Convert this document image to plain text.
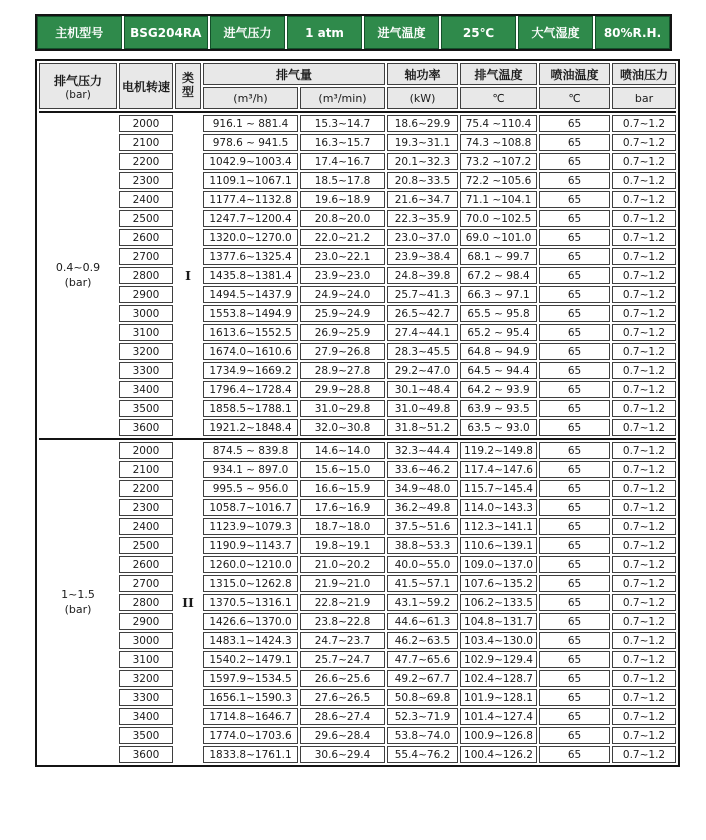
主机型号	BSG204RA	进气压力	1 atm	进气温度	25℃	大气湿度	80%R.H.
排气压力
(bar)	电机转速	类型	排气量		轴功率	排气温度	喷油温度	喷油压力
			(m³/h)	(m³/min)	(kW)	℃	℃	bar

0.4~0.9
(bar)	2000	I	916.1 ~ 881.4	15.3~14.7	18.6~29.9	75.4 ~110.4	65	0.7~1.2
	2100		978.6 ~ 941.5	16.3~15.7	19.3~31.1	74.3 ~108.8	65	0.7~1.2
	2200		1042.9~1003.4	17.4~16.7	20.1~32.3	73.2 ~107.2	65	0.7~1.2
	2300		1109.1~1067.1	18.5~17.8	20.8~33.5	72.2 ~105.6	65	0.7~1.2
	2400		1177.4~1132.8	19.6~18.9	21.6~34.7	71.1 ~104.1	65	0.7~1.2
	2500		1247.7~1200.4	20.8~20.0	22.3~35.9	70.0 ~102.5	65	0.7~1.2
	2600		1320.0~1270.0	22.0~21.2	23.0~37.0	69.0 ~101.0	65	0.7~1.2
	2700		1377.6~1325.4	23.0~22.1	23.9~38.4	68.1 ~ 99.7	65	0.7~1.2
	2800		1435.8~1381.4	23.9~23.0	24.8~39.8	67.2 ~ 98.4	65	0.7~1.2
	2900		1494.5~1437.9	24.9~24.0	25.7~41.3	66.3 ~ 97.1	65	0.7~1.2
	3000		1553.8~1494.9	25.9~24.9	26.5~42.7	65.5 ~ 95.8	65	0.7~1.2
	3100		1613.6~1552.5	26.9~25.9	27.4~44.1	65.2 ~ 95.4	65	0.7~1.2
	3200		1674.0~1610.6	27.9~26.8	28.3~45.5	64.8 ~ 94.9	65	0.7~1.2
	3300		1734.9~1669.2	28.9~27.8	29.2~47.0	64.5 ~ 94.4	65	0.7~1.2
	3400		1796.4~1728.4	29.9~28.8	30.1~48.4	64.2 ~ 93.9	65	0.7~1.2
	3500		1858.5~1788.1	31.0~29.8	31.0~49.8	63.9 ~ 93.5	65	0.7~1.2
	3600		1921.2~1848.4	32.0~30.8	31.8~51.2	63.5 ~ 93.0	65	0.7~1.2

1~1.5
(bar)	2000	II	874.5 ~ 839.8	14.6~14.0	32.3~44.4	119.2~149.8	65	0.7~1.2
	2100		934.1 ~ 897.0	15.6~15.0	33.6~46.2	117.4~147.6	65	0.7~1.2
	2200		995.5 ~ 956.0	16.6~15.9	34.9~48.0	115.7~145.4	65	0.7~1.2
	2300		1058.7~1016.7	17.6~16.9	36.2~49.8	114.0~143.3	65	0.7~1.2
	2400		1123.9~1079.3	18.7~18.0	37.5~51.6	112.3~141.1	65	0.7~1.2
	2500		1190.9~1143.7	19.8~19.1	38.8~53.3	110.6~139.1	65	0.7~1.2
	2600		1260.0~1210.0	21.0~20.2	40.0~55.0	109.0~137.0	65	0.7~1.2
	2700		1315.0~1262.8	21.9~21.0	41.5~57.1	107.6~135.2	65	0.7~1.2
	2800		1370.5~1316.1	22.8~21.9	43.1~59.2	106.2~133.5	65	0.7~1.2
	2900		1426.6~1370.0	23.8~22.8	44.6~61.3	104.8~131.7	65	0.7~1.2
	3000		1483.1~1424.3	24.7~23.7	46.2~63.5	103.4~130.0	65	0.7~1.2
	3100		1540.2~1479.1	25.7~24.7	47.7~65.6	102.9~129.4	65	0.7~1.2
	3200		1597.9~1534.5	26.6~25.6	49.2~67.7	102.4~128.7	65	0.7~1.2
	3300		1656.1~1590.3	27.6~26.5	50.8~69.8	101.9~128.1	65	0.7~1.2
	3400		1714.8~1646.7	28.6~27.4	52.3~71.9	101.4~127.4	65	0.7~1.2
	3500		1774.0~1703.6	29.6~28.4	53.8~74.0	100.9~126.8	65	0.7~1.2
	3600		1833.8~1761.1	30.6~29.4	55.4~76.2	100.4~126.2	65	0.7~1.2
